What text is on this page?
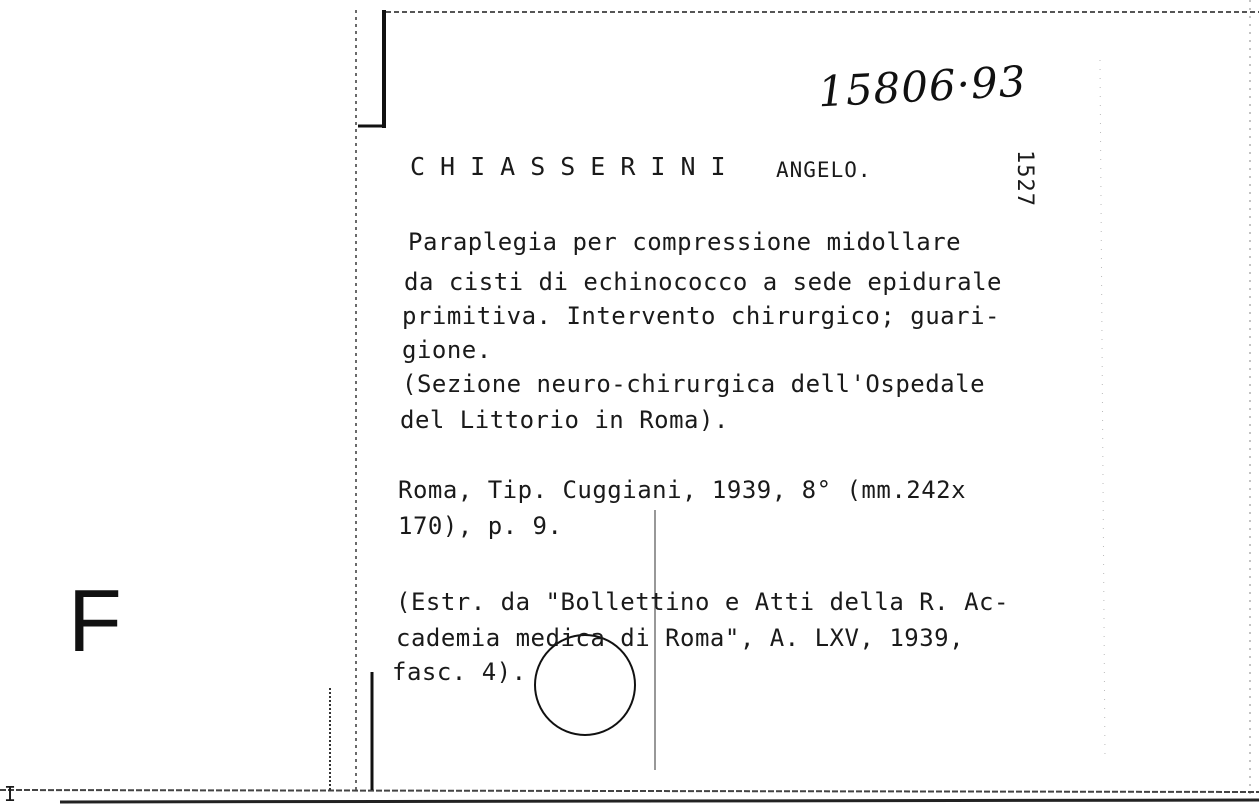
15806·93
CHIASSERINI ANGELO.	1527
Paraplegia per compressione midollare
da cisti di echinococco a sede epidurale
primitiva. Intervento chirurgico; guari-
gione.
(Sezione neuro-chirurgica dell'Ospedale
del Littorio in Roma).
Roma, Tip. Cuggiani, 1939, 8° (mm.242x
170), p. 9.
(Estr. da "Bollettino e Atti della R. Ac-
cademia medica di Roma", A. LXV, 1939,
fasc. 4).
F
I
